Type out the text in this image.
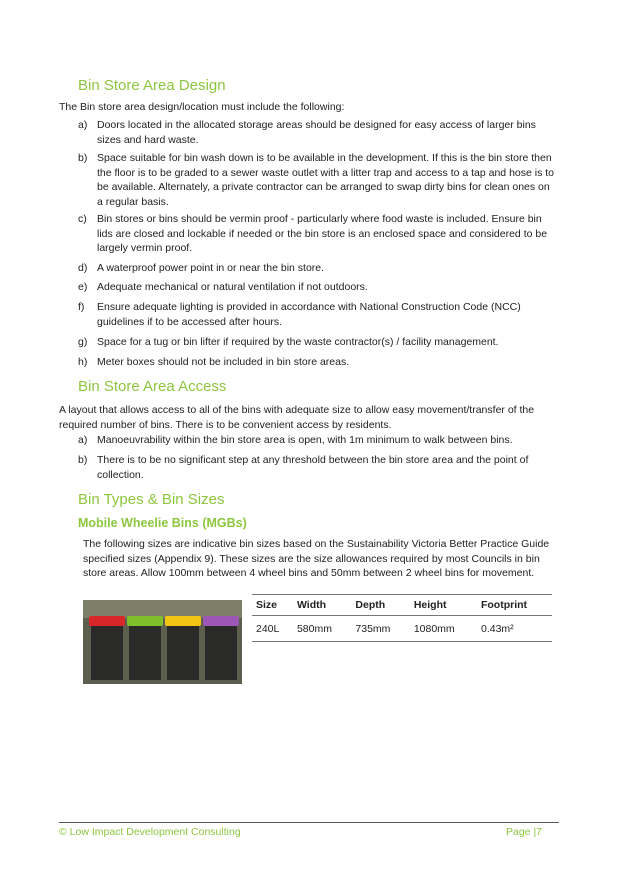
Bin Store Area Design

The Bin store area design/location must include the following:

a) Doors located in the allocated storage areas should be designed for easy access of larger bins sizes and hard waste.
b) Space suitable for bin wash down is to be available in the development. If this is the bin store then the floor is to be graded to a sewer waste outlet with a litter trap and access to a tap and hose is to be available. Alternately, a private contractor can be arranged to swap dirty bins for clean ones on a regular basis.
c) Bin stores or bins should be vermin proof - particularly where food waste is included. Ensure bin lids are closed and lockable if needed or the bin store is an enclosed space and considered to be largely vermin proof.
d) A waterproof power point in or near the bin store.
e) Adequate mechanical or natural ventilation if not outdoors.
f) Ensure adequate lighting is provided in accordance with National Construction Code (NCC) guidelines if to be accessed after hours.
g) Space for a tug or bin lifter if required by the waste contractor(s) / facility management.
h) Meter boxes should not be included in bin store areas.
Bin Store Area Access

A layout that allows access to all of the bins with adequate size to allow easy movement/transfer of the required number of bins. There is to be convenient access by residents.

a) Manoeuvrability within the bin store area is open, with 1m minimum to walk between bins.
b) There is to be no significant step at any threshold between the bin store area and the point of collection.
Bin Types & Bin Sizes
Mobile Wheelie Bins (MGBs)

The following sizes are indicative bin sizes based on the Sustainability Victoria Better Practice Guide specified sizes (Appendix 9). These sizes are the size allowances required by most Councils in bin store areas. Allow 100mm between 4 wheel bins and 50mm between 2 wheel bins for movement.

Size	Width	Depth	Height	Footprint
240L	580mm	735mm	1080mm	0.43m²
© Low Impact Development Consulting	Page |7
